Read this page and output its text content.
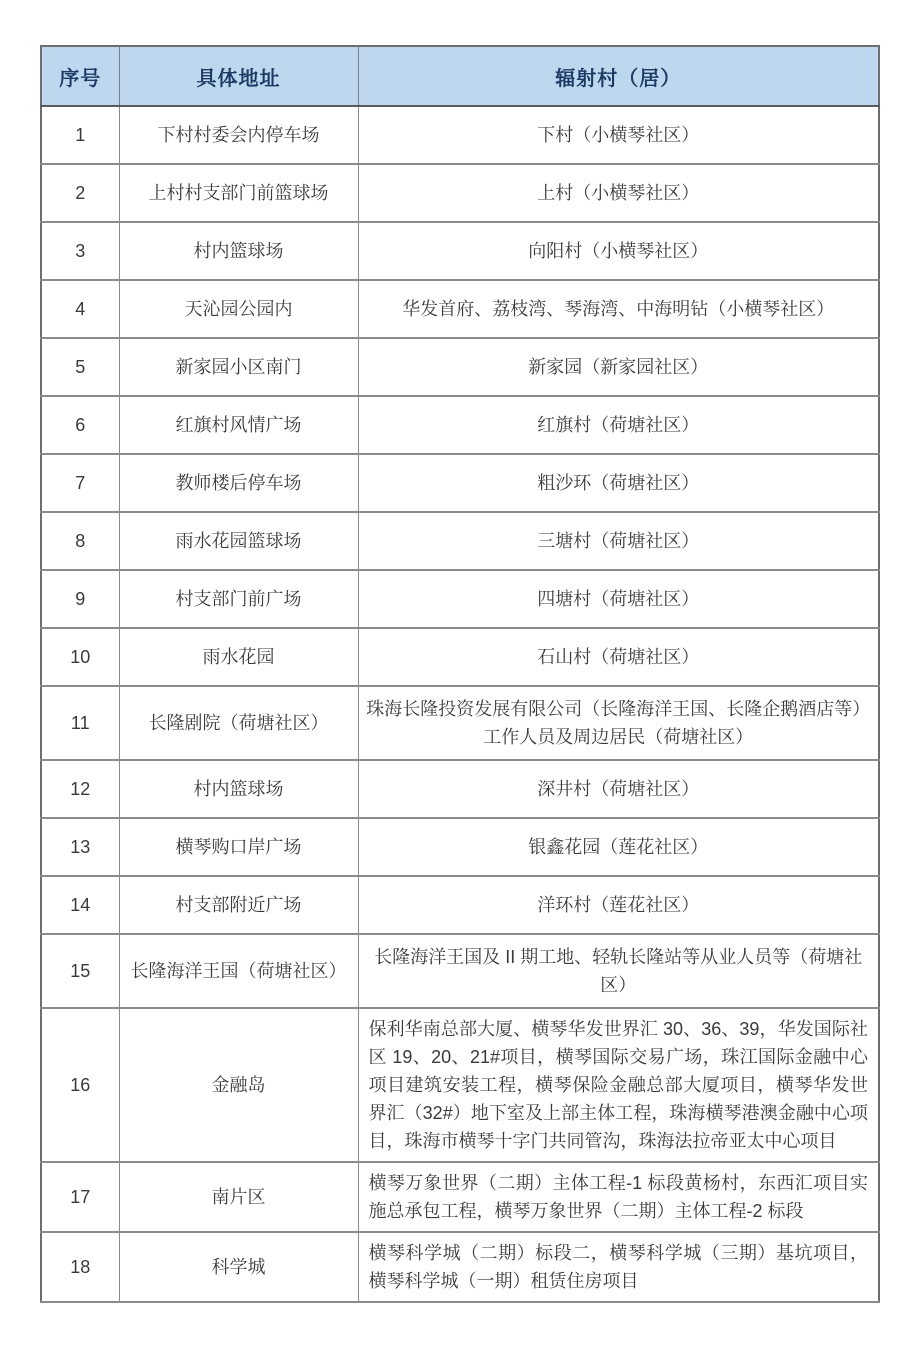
序号	具体地址	辐射村（居）
1	下村村委会内停车场	下村（小横琴社区）
2	上村村支部门前篮球场	上村（小横琴社区）
3	村内篮球场	向阳村（小横琴社区）
4	天沁园公园内	华发首府、荔枝湾、琴海湾、中海明钻（小横琴社区）
5	新家园小区南门	新家园（新家园社区）
6	红旗村风情广场	红旗村（荷塘社区）
7	教师楼后停车场	粗沙环（荷塘社区）
8	雨水花园篮球场	三塘村（荷塘社区）
9	村支部门前广场	四塘村（荷塘社区）
10	雨水花园	石山村（荷塘社区）
11	长隆剧院（荷塘社区）	珠海长隆投资发展有限公司（长隆海洋王国、长隆企鹅酒店等）工作人员及周边居民（荷塘社区）
12	村内篮球场	深井村（荷塘社区）
13	横琴购口岸广场	银鑫花园（莲花社区）
14	村支部附近广场	洋环村（莲花社区）
15	长隆海洋王国（荷塘社区）	长隆海洋王国及 II 期工地、轻轨长隆站等从业人员等（荷塘社区）
16	金融岛	保利华南总部大厦、横琴华发世界汇 30、36、39，华发国际社区 19、20、21#项目，横琴国际交易广场，珠江国际金融中心项目建筑安装工程，横琴保险金融总部大厦项目，横琴华发世界汇（32#）地下室及上部主体工程，珠海横琴港澳金融中心项目，珠海市横琴十字门共同管沟，珠海法拉帝亚太中心项目
17	南片区	横琴万象世界（二期）主体工程-1 标段黄杨村，东西汇项目实施总承包工程，横琴万象世界（二期）主体工程-2 标段
18	科学城	横琴科学城（二期）标段二，横琴科学城（三期）基坑项目，横琴科学城（一期）租赁住房项目
